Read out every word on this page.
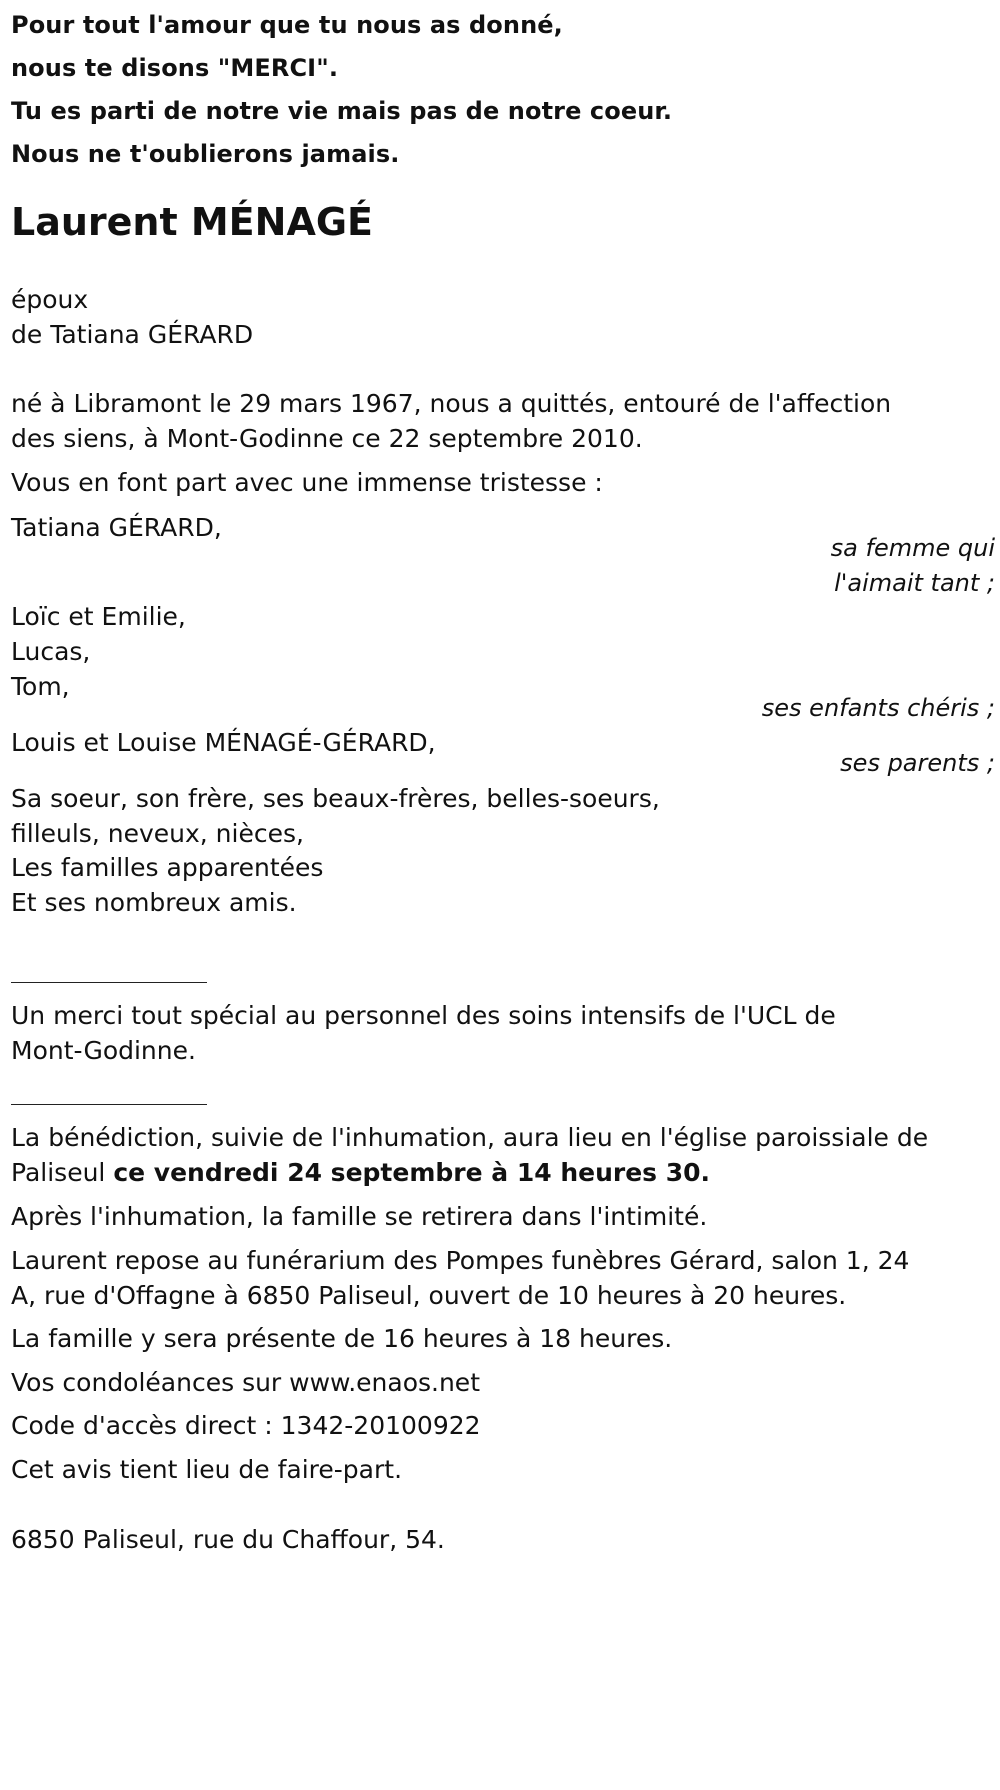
Pour tout l'amour que tu nous as donné,
nous te disons "MERCI".
Tu es parti de notre vie mais pas de notre coeur.
Nous ne t'oublierons jamais.
Laurent MÉNAGÉ
époux
de Tatiana GÉRARD
né à Libramont le 29 mars 1967, nous a quittés, entouré de l'affection
des siens, à Mont-Godinne ce 22 septembre 2010.
Vous en font part avec une immense tristesse :
Tatiana GÉRARD,
sa femme qui
l'aimait tant ;
Loïc et Emilie,
Lucas,
Tom,
ses enfants chéris ;
Louis et Louise MÉNAGÉ-GÉRARD,
ses parents ;
Sa soeur, son frère, ses beaux-frères, belles-soeurs,
filleuls, neveux, nièces,
Les familles apparentées
Et ses nombreux amis.
Un merci tout spécial au personnel des soins intensifs de l'UCL de
Mont-Godinne.
La bénédiction, suivie de l'inhumation, aura lieu en l'église paroissiale de
Paliseul ce vendredi 24 septembre à 14 heures 30.
Après l'inhumation, la famille se retirera dans l'intimité.
Laurent repose au funérarium des Pompes funèbres Gérard, salon 1, 24
A, rue d'Offagne à 6850 Paliseul, ouvert de 10 heures à 20 heures.
La famille y sera présente de 16 heures à 18 heures.
Vos condoléances sur www.enaos.net
Code d'accès direct : 1342-20100922
Cet avis tient lieu de faire-part.
6850 Paliseul, rue du Chaffour, 54.
